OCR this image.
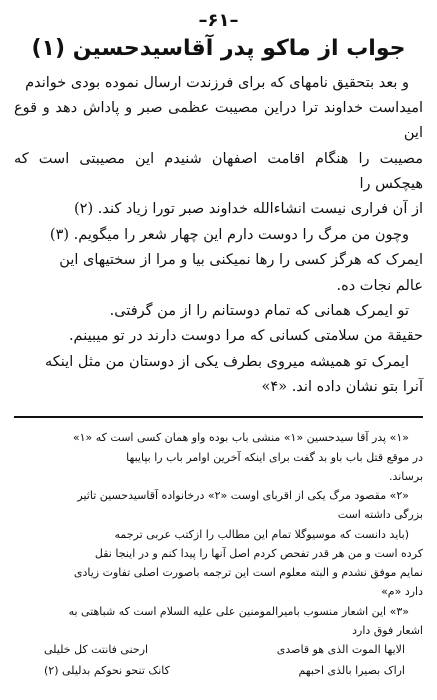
–۶۱–
جواب از ماکو پدر آقاسیدحسین (۱)

و بعد بتحقیق نامهای که برای فرزندت ارسال نموده بودی خواندم

امیداست خداوند ترا دراین مصیبت عظمی صبر و پاداش دهد و قوع این

مصیبت را هنگام اقامت اصفهان شنیدم این مصیبتی است که هیچکس را

از آن فراری نیست انشاءالله خداوند صبر تورا زیاد کند. (۲)

وچون من مرگ را دوست دارم این چهار شعر را میگویم. (۳)

ایمرک که هرگز کسی را رها نمیکنی بیا و مرا از سختیهای این

عالم نجات ده.

تو ایمرک همانی که تمام دوستانم را از من گرفتی.

حقیقة من سلامتی کسانی که مرا دوست دارند در تو میبینم.

ایمرک تو همیشه میروی بطرف یکی از دوستان من مثل اینکه

آنرا بتو نشان داده اند. «۴»

«۱» پدر آقا سیدحسین «۱» منشی باب بوده واو همان کسی است که «۱»

در موقع قتل باب باو بد گفت برای اینکه آخرین اوامر باب را بپایبها

برساند.

«۲» مقصود مرگ یکی از اقربای اوست «۲» درخانواده آقاسیدحسین تاثیر

بزرگی داشته است

(باید دانست که موسیوگلا تمام این مطالب را ازکتب عربی ترجمه

کرده است و من هر قدر تفحص کردم اصل آنها را پیدا کنم و در اینجا نقل

نمایم موفق نشدم و البته معلوم است این ترجمه باصورت اصلی تفاوت زیادی

دارد «م»

«۳» این اشعار منسوب بامیرالمومنین علی علیه السلام است که شباهتی به

اشعار فوق دارد

الایها الموت الذی هو قاصدی
ارحنی فانتت کل خلیلی
اراک بصیرا بالذی احبهم
کانک تنحو نحوکم بدلیلی (۲)
